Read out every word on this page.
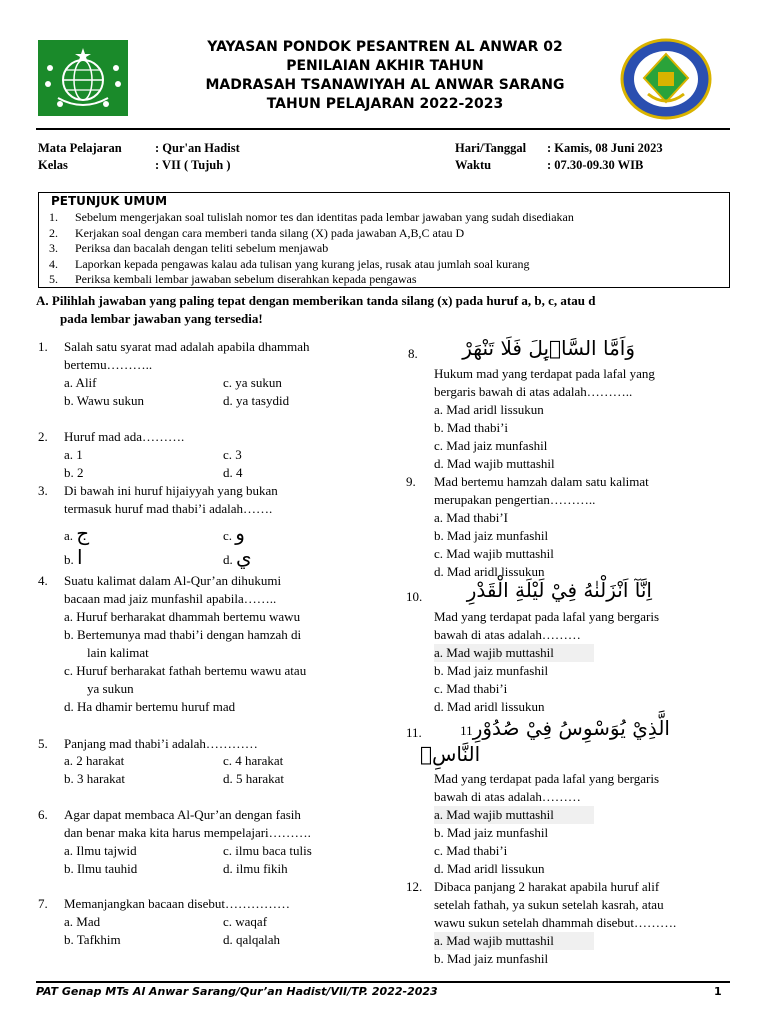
YAYASAN PONDOK PESANTREN AL ANWAR 02
PENILAIAN AKHIR TAHUN
MADRASAH TSANAWIYAH AL ANWAR SARANG
TAHUN PELAJARAN 2022-2023
Mata Pelajaran	: Qur'an Hadist
Kelas	: VII ( Tujuh )
Hari/Tanggal : Kamis, 08 Juni 2023
Waktu	: 07.30-09.30 WIB
PETUNJUK UMUM
1. Sebelum mengerjakan soal tulislah nomor tes dan identitas pada lembar jawaban yang sudah disediakan
2. Kerjakan soal dengan cara memberi tanda silang (X) pada jawaban A,B,C atau D
3. Periksa dan bacalah dengan teliti sebelum menjawab
4. Laporkan kepada pengawas kalau ada tulisan yang kurang jelas, rusak atau jumlah soal kurang
5. Periksa kembali lembar jawaban sebelum diserahkan kepada pengawas
A. Pilihlah jawaban yang paling tepat dengan memberikan tanda silang (x) pada huruf a, b, c, atau d
pada lembar jawaban yang tersedia!
1. Salah satu syarat mad adalah apabila dhammah
bertemu………..
a. Alif
b. Wawu sukun
c. ya sukun
d. ya tasydid
2. Huruf mad ada……….
a. 1
b. 2
c. 3
d. 4
3. Di bawah ini huruf hijaiyyah yang bukan
termasuk huruf mad thabi’i adalah…….
a. ج
b. ا
c. و
d. ي
4. Suatu kalimat dalam Al-Qur’an dihukumi
bacaan mad jaiz munfashil apabila……..
a. Huruf berharakat dhammah bertemu wawu
b. Bertemunya mad thabi’i dengan hamzah di
lain kalimat
c. Huruf berharakat fathah bertemu wawu atau
ya sukun
d. Ha dhamir bertemu huruf mad
5. Panjang mad thabi’i adalah…………
a. 2 harakat
b. 3 harakat
c. 4 harakat
d. 5 harakat
6. Agar dapat membaca Al-Qur’an dengan fasih
dan benar maka kita harus mempelajari……….
a. Ilmu tajwid
b. Ilmu tauhid
c. ilmu baca tulis
d. ilmu fikih
7. Memanjangkan bacaan disebut……………
a. Mad
b. Tafkhim
c. waqaf
d. qalqalah
8.	وَاَمَّا السَّاۤىِٕلَ فَلَا تَنْهَرْ
Hukum mad yang terdapat pada lafal yang
bergaris bawah di atas adalah………..
a. Mad aridl lissukun
b. Mad thabi’i
c. Mad jaiz munfashil
d. Mad wajib muttashil
9. Mad bertemu hamzah dalam satu kalimat
merupakan pengertian………..
a. Mad thabi’I
b. Mad jaiz munfashil
c. Mad wajib muttashil
d. Mad aridl lissukun
10.	اِنَّآ اَنْزَلْنٰهُ فِيْ لَيْلَةِ الْقَدْرِ
Mad yang terdapat pada lafal yang bergaris
bawah di atas adalah………
a. Mad wajib muttashil
b. Mad jaiz munfashil
c. Mad thabi’i
d. Mad aridl lissukun
11.	الَّذِيْ يُوَسْوِسُ فِيْ صُدُوْرِ11
النَّاسِۙ
Mad yang terdapat pada lafal yang bergaris
bawah di atas adalah………
a. Mad wajib muttashil
b. Mad jaiz munfashil
c. Mad thabi’i
d. Mad aridl lissukun
12. Dibaca panjang 2 harakat apabila huruf alif
setelah fathah, ya sukun setelah kasrah, atau
wawu sukun setelah dhammah disebut……….
a. Mad wajib muttashil
b. Mad jaiz munfashil
PAT Genap MTs Al Anwar Sarang/Qur’an Hadist/VII/TP. 2022-2023	1
